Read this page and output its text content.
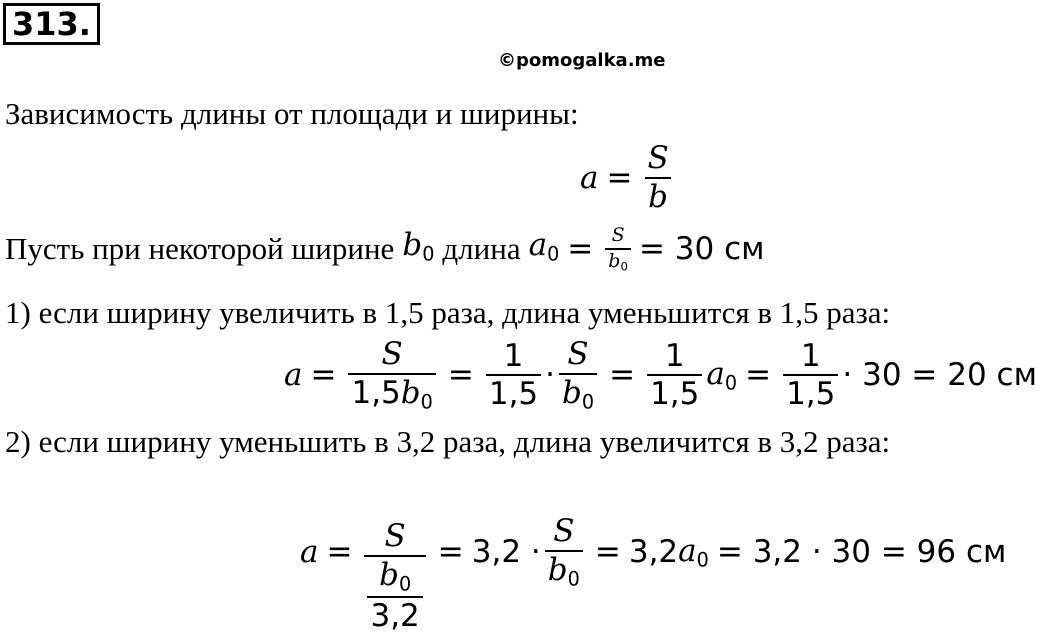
313.
©pomogalka.me
Зависимость длины от площади и ширины:
$a = \frac{S}{b}$
Пусть при некоторой ширине $b_0$ длина $a_0 = \frac{S}{b_0} = 30$ см
1) если ширину увеличить в 1,5 раза, длина уменьшится в 1,5 раза:
$a = \frac{S}{1,5b_0} = \frac{1}{1,5} \cdot \frac{S}{b_0} = \frac{1}{1,5} a_0 = \frac{1}{1,5} \cdot 30 = 20$ см
2) если ширину уменьшить в 3,2 раза, длина увеличится в 3,2 раза:
$a = \frac{S}{\frac{b_0}{3,2}} = 3,2 \cdot \frac{S}{b_0} = 3,2$ $a_0 = 3,2 \cdot 30 = 96$ см
